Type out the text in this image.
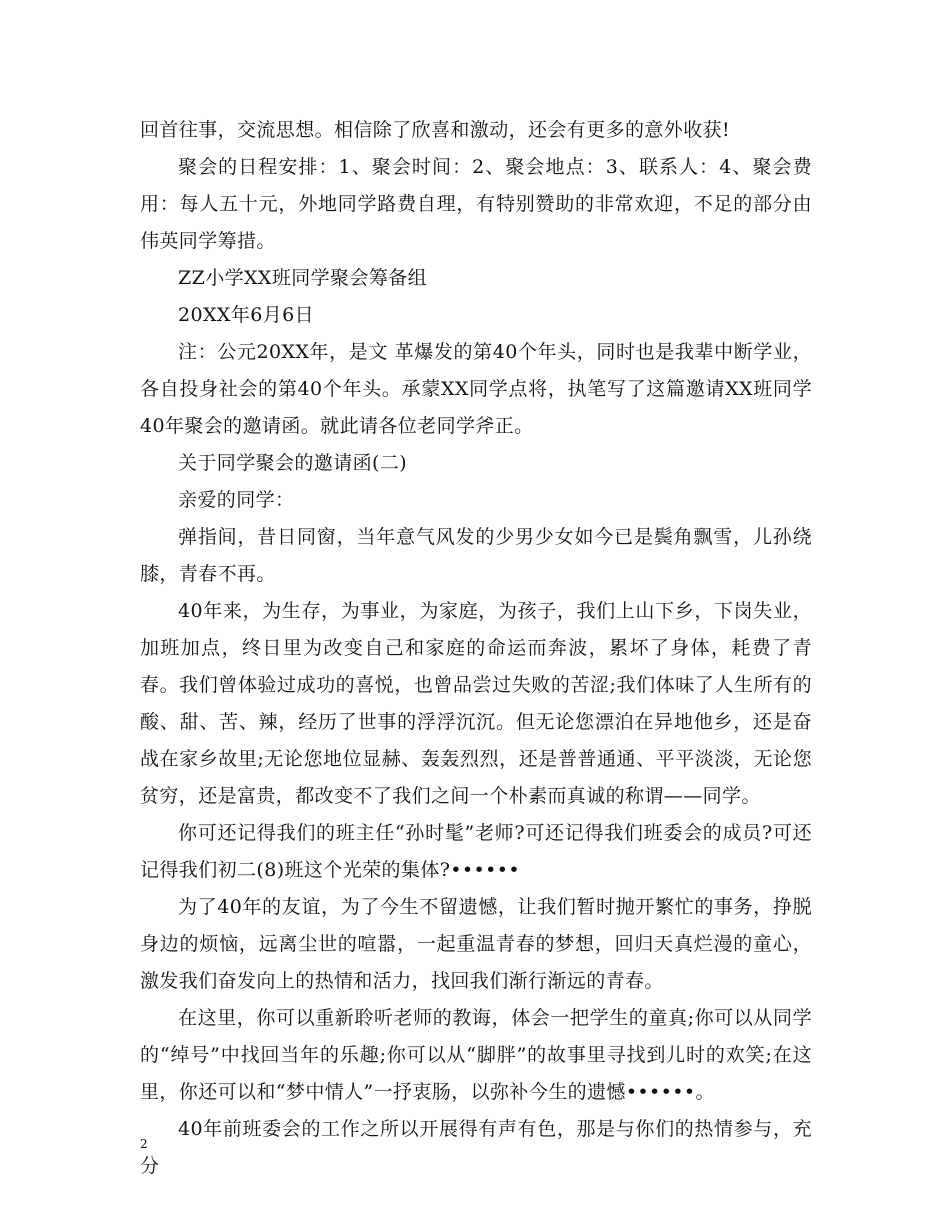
回首往事，交流思想。相信除了欣喜和激动，还会有更多的意外收获!

聚会的日程安排：1、聚会时间：2、聚会地点：3、联系人：4、聚会费用：每人五十元，外地同学路费自理，有特别赞助的非常欢迎，不足的部分由伟英同学筹措。

ZZ小学XX班同学聚会筹备组

20XX年6月6日

注：公元20XX年，是文 革爆发的第40个年头，同时也是我辈中断学业，各自投身社会的第40个年头。承蒙XX同学点将，执笔写了这篇邀请XX班同学40年聚会的邀请函。就此请各位老同学斧正。

关于同学聚会的邀请函(二)

亲爱的同学：

弹指间，昔日同窗，当年意气风发的少男少女如今已是鬓角飘雪，儿孙绕膝，青春不再。

40年来，为生存，为事业，为家庭，为孩子，我们上山下乡，下岗失业，加班加点，终日里为改变自己和家庭的命运而奔波，累坏了身体，耗费了青春。我们曾体验过成功的喜悦，也曾品尝过失败的苦涩;我们体味了人生所有的酸、甜、苦、辣，经历了世事的浮浮沉沉。但无论您漂泊在异地他乡，还是奋战在家乡故里;无论您地位显赫、轰轰烈烈，还是普普通通、平平淡淡，无论您贫穷，还是富贵，都改变不了我们之间一个朴素而真诚的称谓——同学。

你可还记得我们的班主任“孙时髦”老师?可还记得我们班委会的成员?可还记得我们初二(8)班这个光荣的集体?••••••

为了40年的友谊，为了今生不留遗憾，让我们暂时抛开繁忙的事务，挣脱身边的烦恼，远离尘世的喧嚣，一起重温青春的梦想，回归天真烂漫的童心，激发我们奋发向上的热情和活力，找回我们渐行渐远的青春。

在这里，你可以重新聆听老师的教诲，体会一把学生的童真;你可以从同学的“绰号”中找回当年的乐趣;你可以从“脚胖”的故事里寻找到儿时的欢笑;在这里，你还可以和“梦中情人”一抒衷肠，以弥补今生的遗憾••••••。

40年前班委会的工作之所以开展得有声有色，那是与你们的热情参与，充分

2
